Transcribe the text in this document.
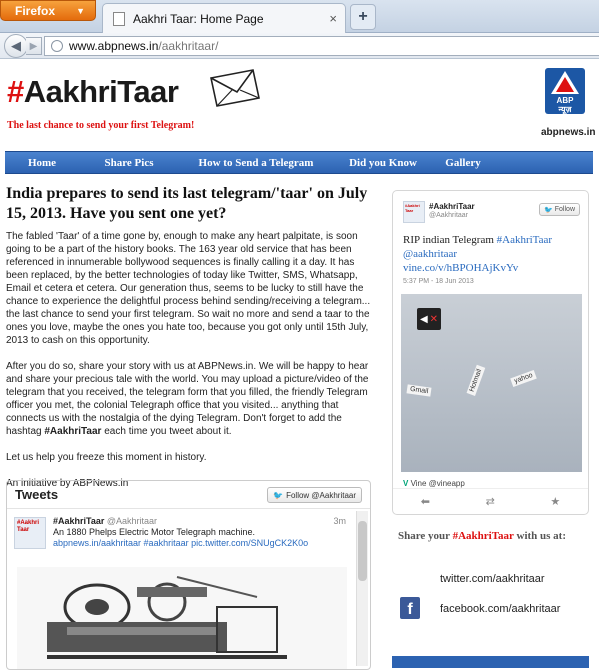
Firefox ▼
Aakhri Taar: Home Page	×	+
◀ ▶	www.abpnews.in /aakhritaar/
#AakhriTaar
The last chance to send your first Telegram!
ABP
न्यूज़
abpnews.in
Home	Share Pics	How to Send a Telegram	Did you Know	Gallery
India prepares to send its last telegram/'taar' on July 15, 2013. Have you sent one yet?

The fabled 'Taar' of a time gone by, enough to make any heart palpitate, is soon going to be a part of the history books. The 163 year old service that has been referenced in innumerable bollywood sequences is finally calling it a day. It has been replaced, by the better technologies of today like Twitter, SMS, Whatsapp, Email et cetera et cetera. Our generation thus, seems to be lucky to still have the chance to experience the delightful process behind sending/receiving a telegram... the last chance to send your first telegram. So wait no more and send a taar to the ones you love, maybe the ones you hate too, because you got only until 15th July, 2013 to cash on this opportunity.

After you do so, share your story with us at ABPNews.in. We will be happy to hear and share your precious tale with the world. You may upload a picture/video of the telegram that you received, the telegram form that you filled, the friendly Telegram officer you met, the colonial Telegraph office that you visited... anything that connects us with the nostalgia of the dying Telegram. Don't forget to add the hashtag #AakhriTaar each time you tweet about it.

Let us help you freeze this moment in history.

An initiative by ABPNews.in

Tweets	🐦 Follow @Aakhritaar
#Aakhri Taar
#AakhriTaar @Aakhritaar	3m
An 1880 Phelps Electric Motor Telegraph machine.
abpnews.in/aakhritaar #aakhritaar pic.twitter.com/SNUgCK2K0o
#Aakhri Taar	#AakhriTaar
@Aakhritaar
🐦 Follow
RIP indian Telegram #AakhriTaar
@aakhritaar
vine.co/v/hBPOHAjKvYv
5:37 PM - 18 Jun 2013
◀ ✕
Gmail	Hotmail	yahoo
V Vine @vineapp
⬅	⇄	★
Share your #AakhriTaar with us at:
twitter.com/aakhritaar
f	facebook.com/aakhritaar
